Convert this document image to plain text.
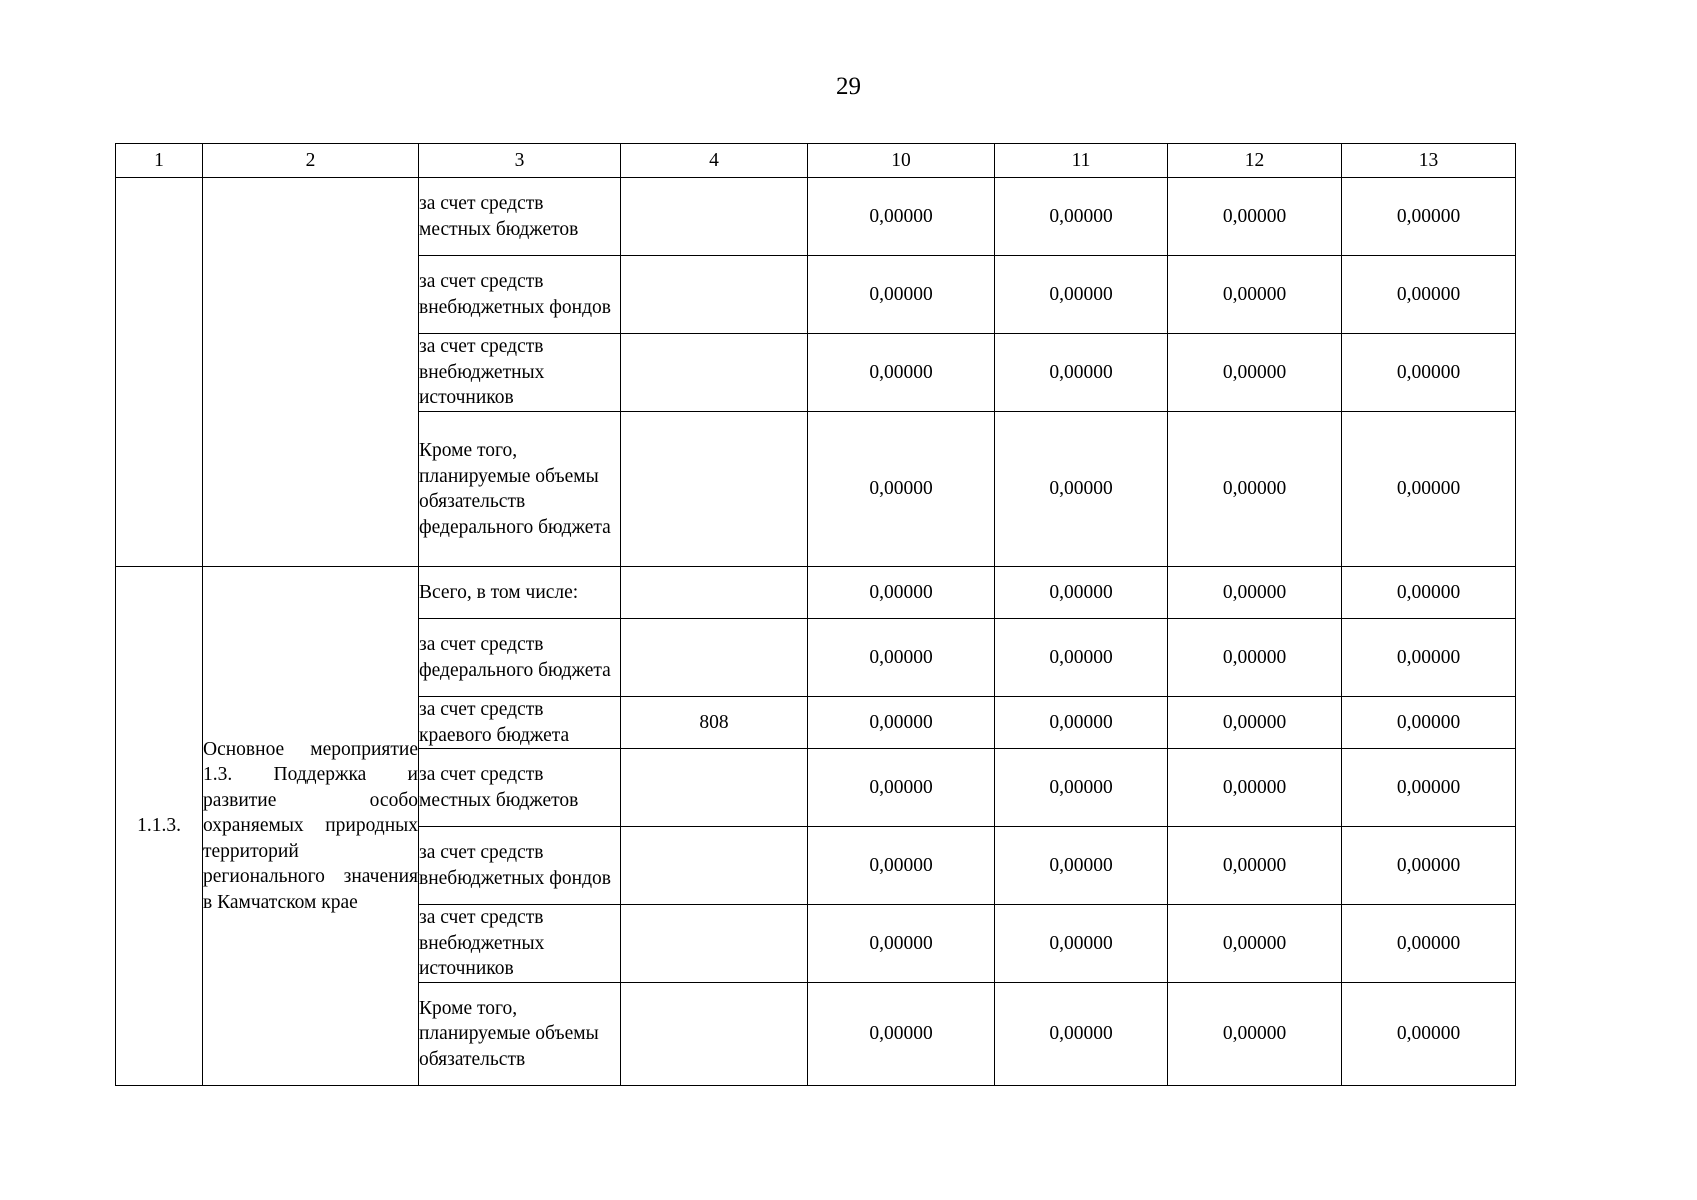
29
1	2	3	4	10	11	12	13
		за счет средств местных бюджетов		0,00000	0,00000	0,00000	0,00000
		за счет средств внебюджетных фондов		0,00000	0,00000	0,00000	0,00000
		за счет средств внебюджетных источников		0,00000	0,00000	0,00000	0,00000
		Кроме того, планируемые объемы обязательств федерального бюджета		0,00000	0,00000	0,00000	0,00000
1.1.3.	Основное мероприятие 1.3. Поддержка и развитие особо охраняемых природных территорий регионального значения в Камчатском крае	Всего, в том числе:		0,00000	0,00000	0,00000	0,00000
		за счет средств федерального бюджета		0,00000	0,00000	0,00000	0,00000
		за счет средств краевого бюджета	808	0,00000	0,00000	0,00000	0,00000
		за счет средств местных бюджетов		0,00000	0,00000	0,00000	0,00000
		за счет средств внебюджетных фондов		0,00000	0,00000	0,00000	0,00000
		за счет средств внебюджетных источников		0,00000	0,00000	0,00000	0,00000
		Кроме того, планируемые объемы обязательств		0,00000	0,00000	0,00000	0,00000
